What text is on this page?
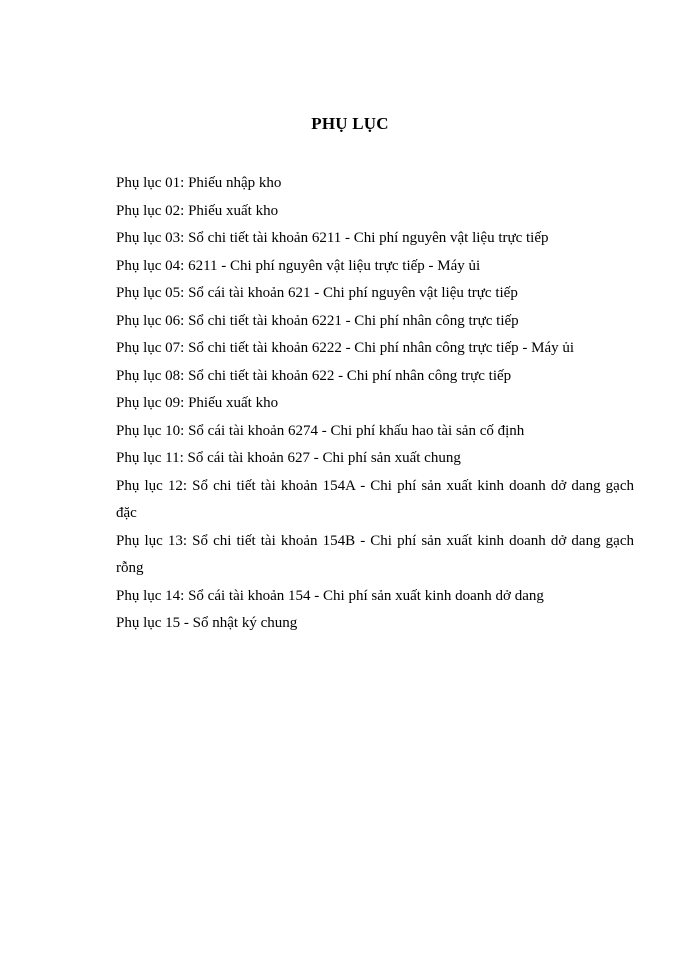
PHỤ LỤC
Phụ lục 01: Phiếu nhập kho
Phụ lục 02: Phiếu xuất kho
Phụ lục 03: Sổ chi tiết tài khoản 6211 - Chi phí nguyên vật liệu trực tiếp
Phụ lục 04: 6211 - Chi phí nguyên vật liệu trực tiếp - Máy ủi
Phụ lục 05: Sổ cái tài khoản 621 - Chi phí nguyên vật liệu trực tiếp
Phụ lục 06: Sổ chi tiết tài khoản 6221 - Chi phí nhân công trực tiếp
Phụ lục 07: Sổ chi tiết tài khoản 6222 - Chi phí nhân công trực tiếp - Máy ủi
Phụ lục 08: Sổ chi tiết tài khoản 622 - Chi phí nhân công trực tiếp
Phụ lục 09: Phiếu xuất kho
Phụ lục 10: Sổ cái tài khoản 6274 - Chi phí khấu hao tài sản cố định
Phụ lục 11: Sổ cái tài khoản 627 - Chi phí sản xuất chung
Phụ lục 12: Sổ chi tiết tài khoản 154A - Chi phí sản xuất kinh doanh dở dang gạch đặc
Phụ lục 13: Sổ chi tiết tài khoản 154B - Chi phí sản xuất kinh doanh dở dang gạch rỗng
Phụ lục 14: Sổ cái tài khoản 154 - Chi phí sản xuất kinh doanh dở dang
Phụ lục 15 - Sổ nhật ký chung
